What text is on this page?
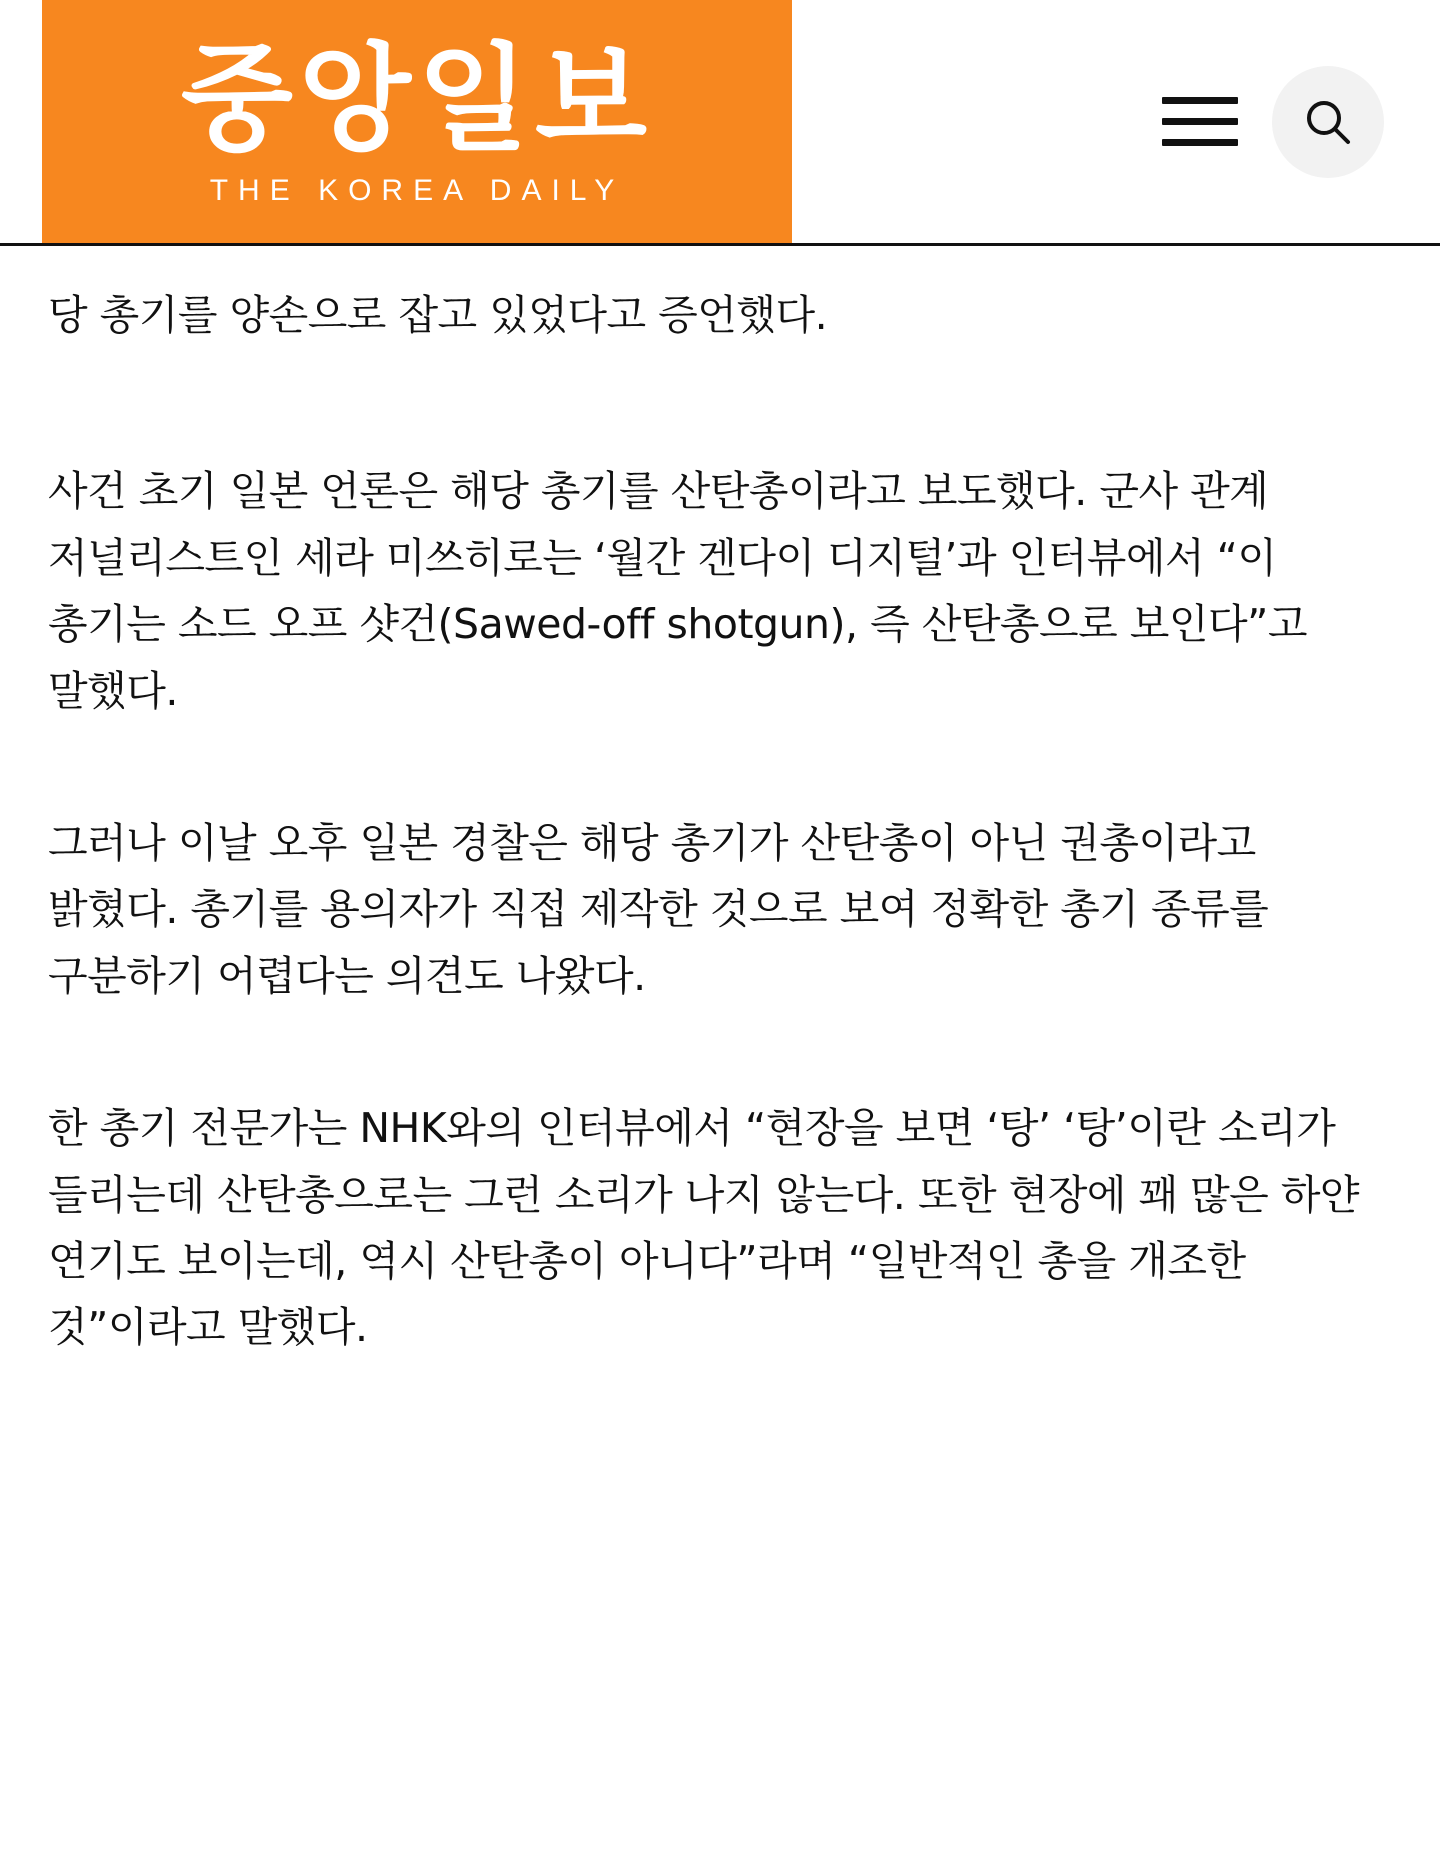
중앙일보
THE KOREA DAILY

당 총기를 양손으로 잡고 있었다고 증언했다.

사건 초기 일본 언론은 해당 총기를 산탄총이라고 보도했다. 군사 관계 저널리스트인 세라 미쓰히로는 ‘월간 겐다이 디지털’과 인터뷰에서 “이 총기는 소드 오프 샷건(Sawed-off shotgun), 즉 산탄총으로 보인다”고 말했다.

그러나 이날 오후 일본 경찰은 해당 총기가 산탄총이 아닌 권총이라고 밝혔다. 총기를 용의자가 직접 제작한 것으로 보여 정확한 총기 종류를 구분하기 어렵다는 의견도 나왔다.

한 총기 전문가는 NHK와의 인터뷰에서 “현장을 보면 ‘탕’ ‘탕’이란 소리가 들리는데 산탄총으로는 그런 소리가 나지 않는다. 또한 현장에 꽤 많은 하얀 연기도 보이는데, 역시 산탄총이 아니다”라며 “일반적인 총을 개조한 것”이라고 말했다.
